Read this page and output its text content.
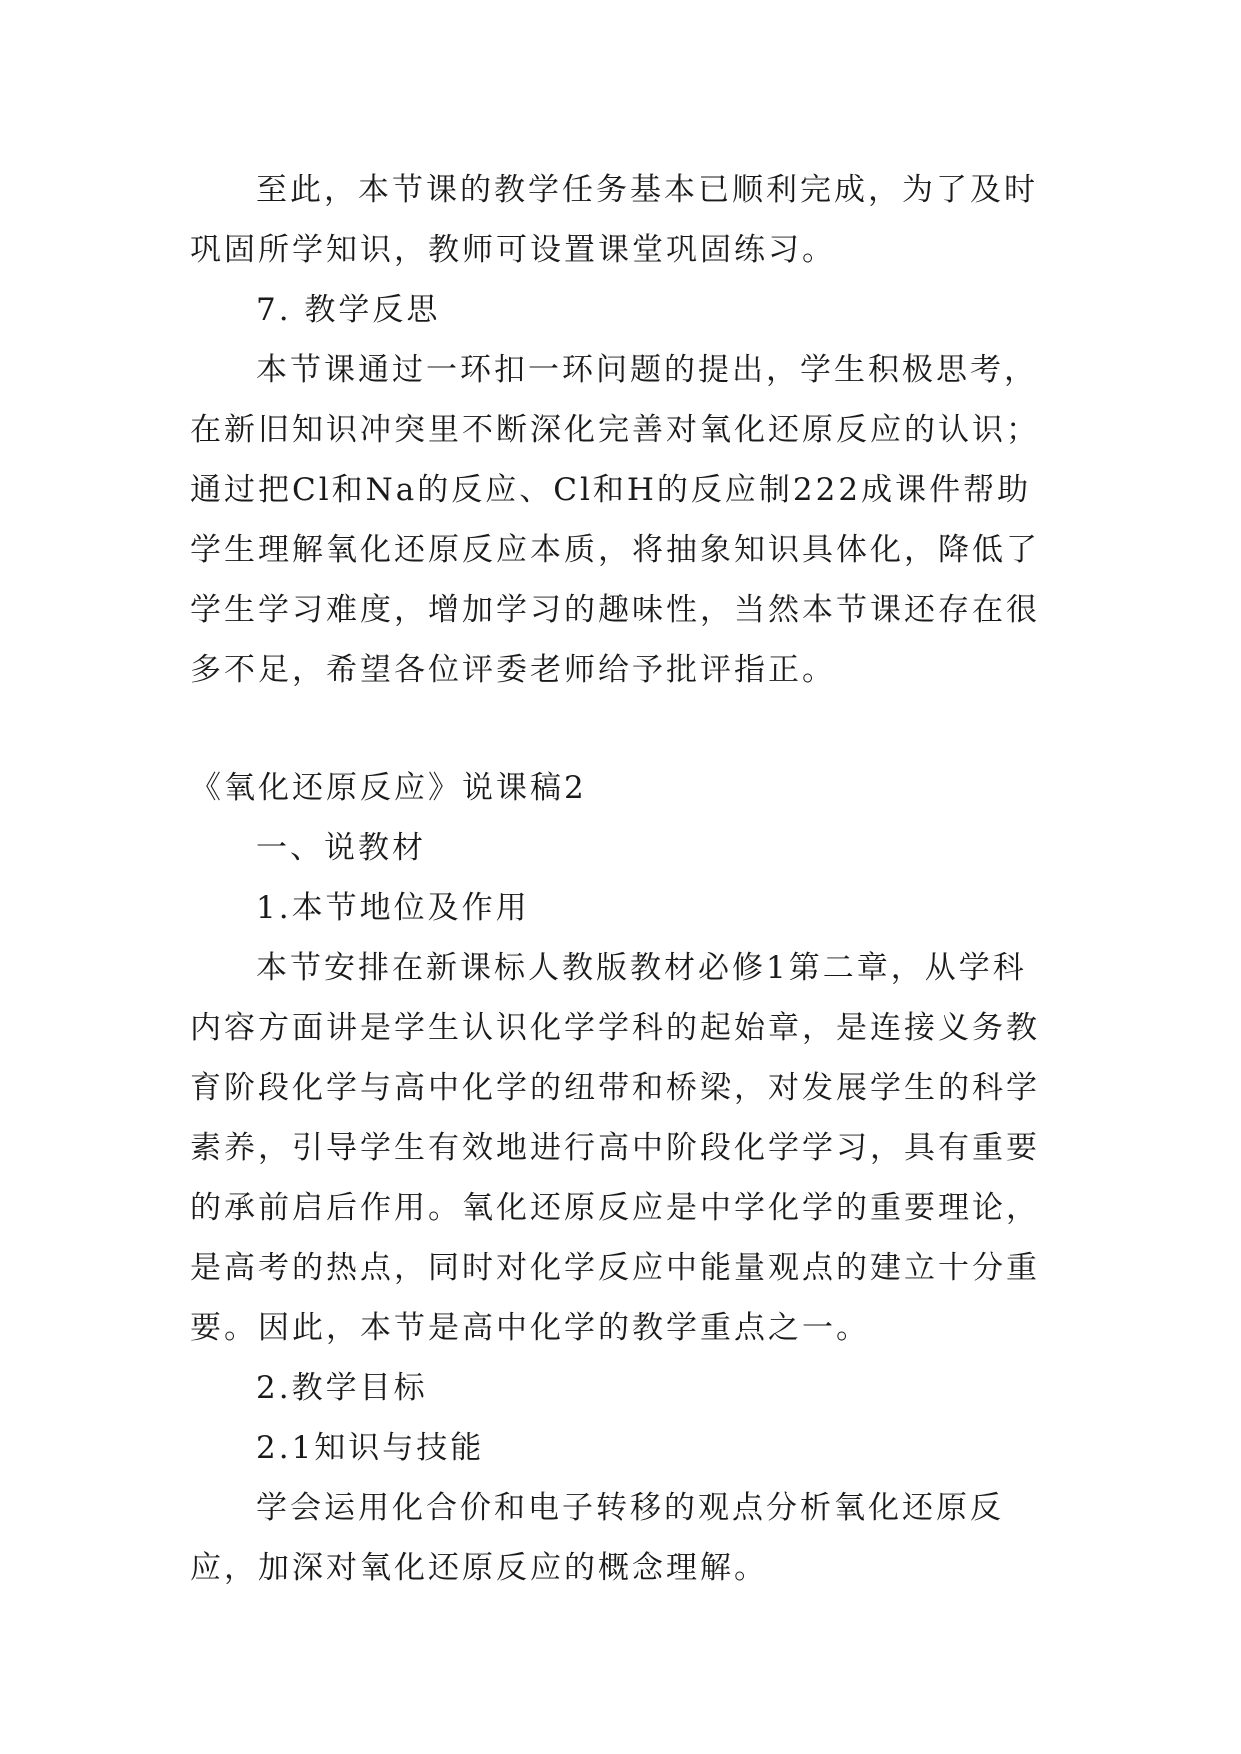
至此，本节课的教学任务基本已顺利完成，为了及时巩固所学知识，教师可设置课堂巩固练习。

7. 教学反思

本节课通过一环扣一环问题的提出，学生积极思考，在新旧知识冲突里不断深化完善对氧化还原反应的认识；通过把Cl和Na的反应、Cl和H的反应制222成课件帮助学生理解氧化还原反应本质，将抽象知识具体化，降低了学生学习难度，增加学习的趣味性，当然本节课还存在很多不足，希望各位评委老师给予批评指正。

《氧化还原反应》说课稿2

一、说教材

1.本节地位及作用

本节安排在新课标人教版教材必修1第二章，从学科内容方面讲是学生认识化学学科的起始章，是连接义务教育阶段化学与高中化学的纽带和桥梁，对发展学生的科学素养，引导学生有效地进行高中阶段化学学习，具有重要的承前启后作用。氧化还原反应是中学化学的重要理论，是高考的热点，同时对化学反应中能量观点的建立十分重要。因此，本节是高中化学的教学重点之一。

2.教学目标

2.1知识与技能

学会运用化合价和电子转移的观点分析氧化还原反应，加深对氧化还原反应的概念理解。
